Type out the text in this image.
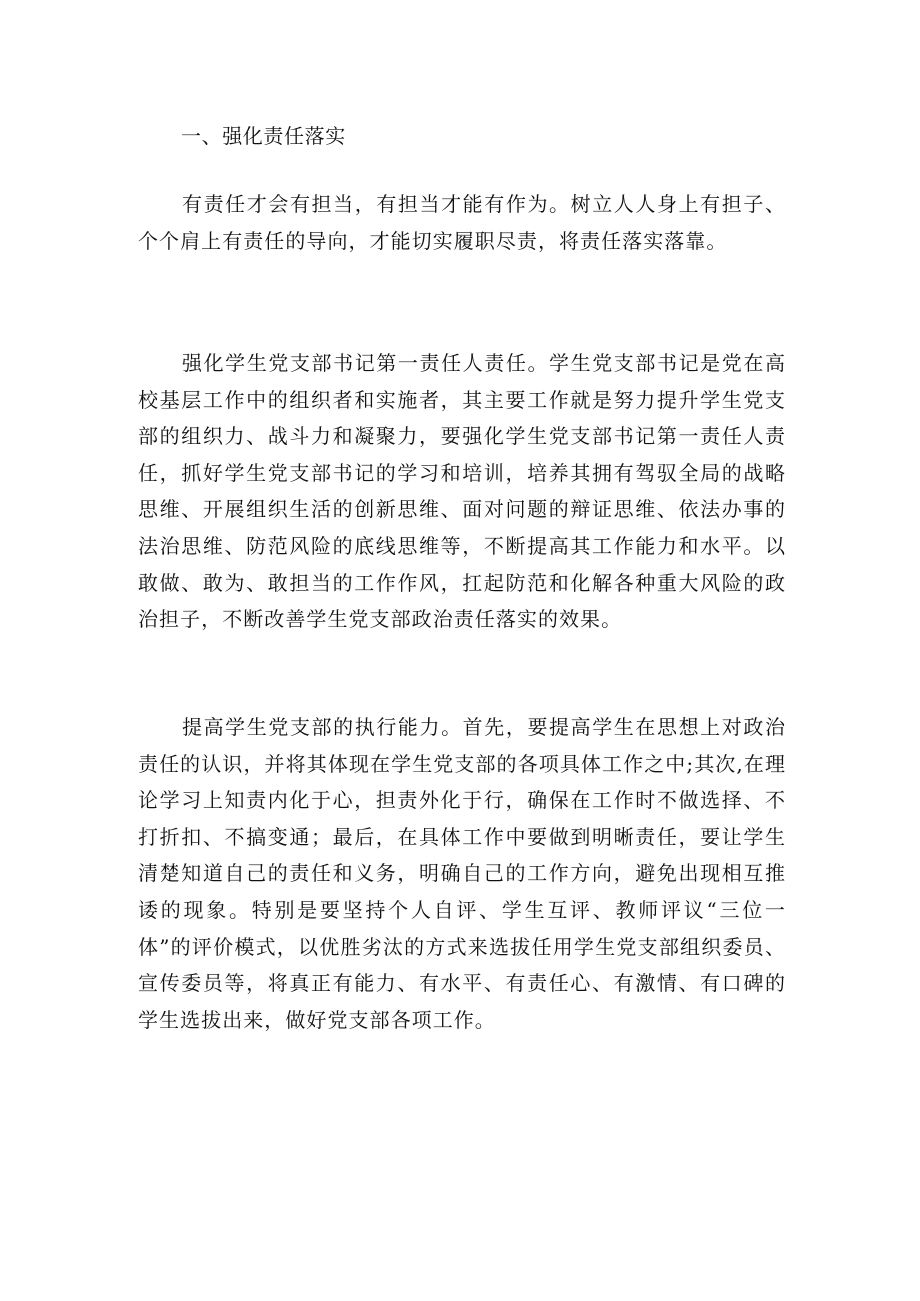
一、强化责任落实

有责任才会有担当，有担当才能有作为。树立人人身上有担子、个个肩上有责任的导向，才能切实履职尽责，将责任落实落靠。

强化学生党支部书记第一责任人责任。学生党支部书记是党在高校基层工作中的组织者和实施者，其主要工作就是努力提升学生党支部的组织力、战斗力和凝聚力，要强化学生党支部书记第一责任人责任，抓好学生党支部书记的学习和培训，培养其拥有驾驭全局的战略思维、开展组织生活的创新思维、面对问题的辩证思维、依法办事的法治思维、防范风险的底线思维等，不断提高其工作能力和水平。以敢做、敢为、敢担当的工作作风，扛起防范和化解各种重大风险的政治担子，不断改善学生党支部政治责任落实的效果。

提高学生党支部的执行能力。首先，要提高学生在思想上对政治责任的认识，并将其体现在学生党支部的各项具体工作之中;其次,在理论学习上知责内化于心，担责外化于行，确保在工作时不做选择、不打折扣、不搞变通；最后，在具体工作中要做到明晰责任，要让学生清楚知道自己的责任和义务，明确自己的工作方向，避免出现相互推诿的现象。特别是要坚持个人自评、学生互评、教师评议“三位一体”的评价模式，以优胜劣汰的方式来选拔任用学生党支部组织委员、宣传委员等，将真正有能力、有水平、有责任心、有激情、有口碑的学生选拔出来，做好党支部各项工作。
